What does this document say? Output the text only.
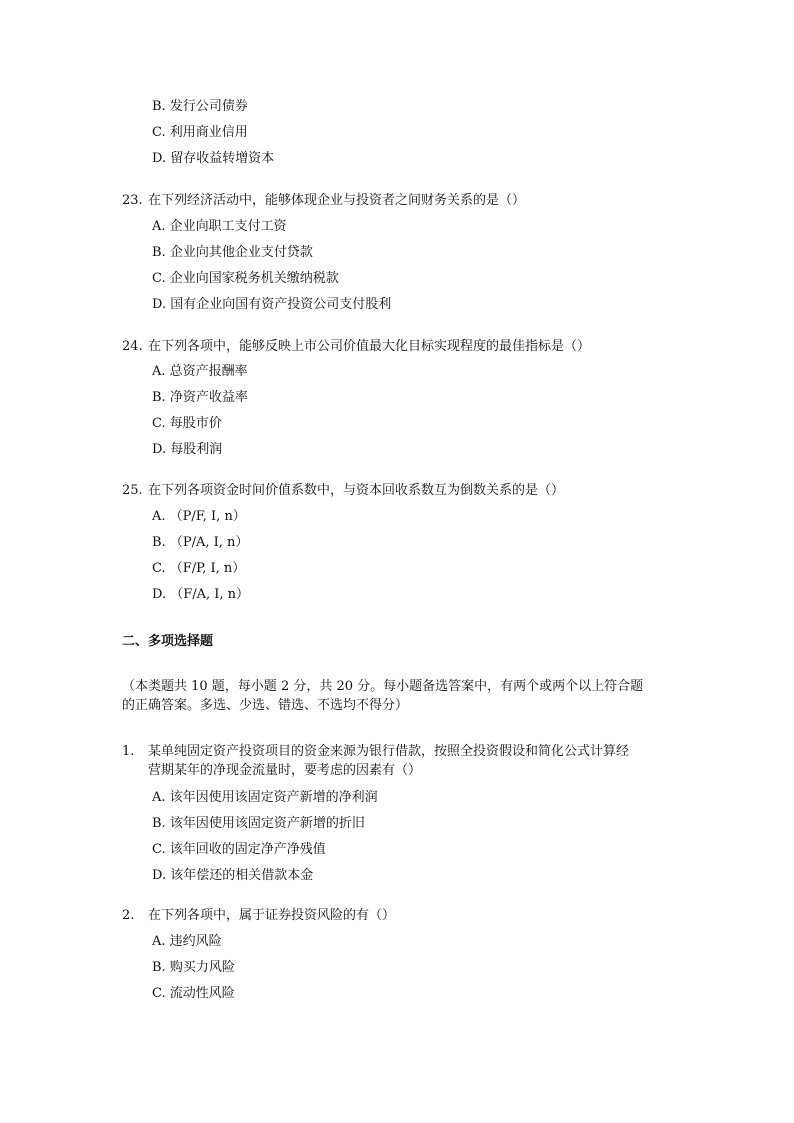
B. 发行公司债券
C. 利用商业信用
D. 留存收益转增资本
23. 在下列经济活动中，能够体现企业与投资者之间财务关系的是（）
A. 企业向职工支付工资
B. 企业向其他企业支付贷款
C. 企业向国家税务机关缴纳税款
D. 国有企业向国有资产投资公司支付股利
24. 在下列各项中，能够反映上市公司价值最大化目标实现程度的最佳指标是（）
A. 总资产报酬率
B. 净资产收益率
C. 每股市价
D. 每股利润
25. 在下列各项资金时间价值系数中，与资本回收系数互为倒数关系的是（）
A. （P/F, I, n）
B. （P/A, I, n）
C. （F/P, I, n）
D. （F/A, I, n）
二、多项选择题
（本类题共 10 题，每小题 2 分，共 20 分。每小题备选答案中，有两个或两个以上符合题
的正确答案。多选、少选、错选、不选均不得分）
1. 某单纯固定资产投资项目的资金来源为银行借款，按照全投资假设和简化公式计算经
营期某年的净现金流量时，要考虑的因素有（）
A. 该年因使用该固定资产新增的净利润
B. 该年因使用该固定资产新增的折旧
C. 该年回收的固定净产净残值
D. 该年偿还的相关借款本金
2. 在下列各项中，属于证券投资风险的有（）
A. 违约风险
B. 购买力风险
C. 流动性风险
